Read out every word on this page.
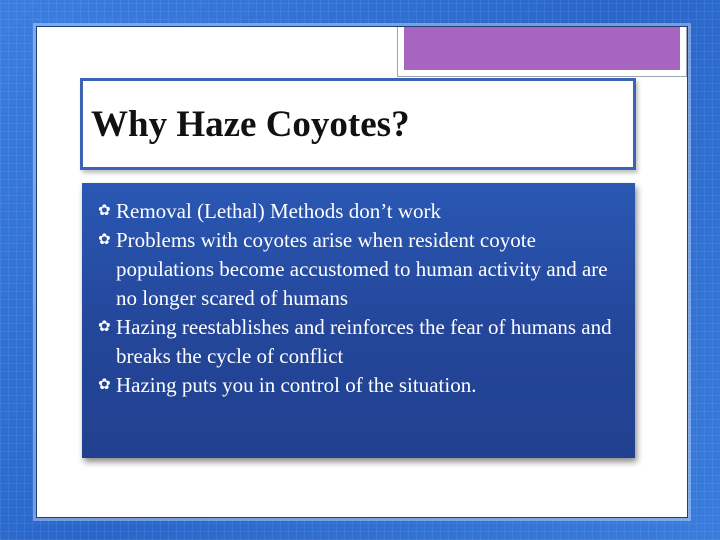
Why Haze Coyotes?
✿ Removal (Lethal) Methods don’t work
✿ Problems with coyotes arise when resident coyote populations become accustomed to human activity and are no longer scared of humans
✿ Hazing reestablishes and reinforces the fear of humans and breaks the cycle of conflict
✿ Hazing puts you in control of the situation.
